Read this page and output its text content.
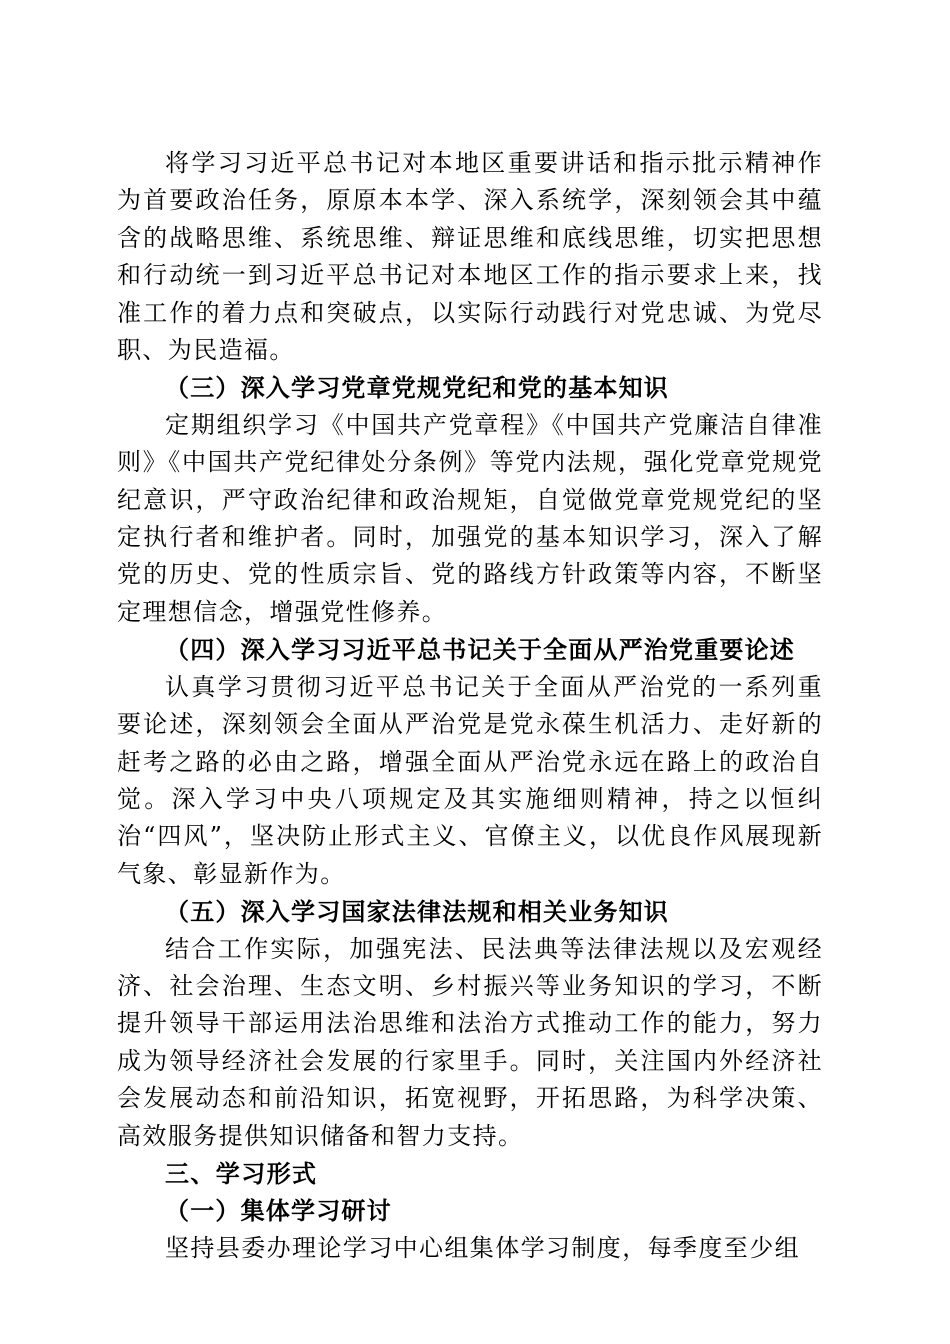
将学习习近平总书记对本地区重要讲话和指示批示精神作为首要政治任务，原原本本学、深入系统学，深刻领会其中蕴含的战略思维、系统思维、辩证思维和底线思维，切实把思想和行动统一到习近平总书记对本地区工作的指示要求上来，找准工作的着力点和突破点，以实际行动践行对党忠诚、为党尽职、为民造福。

（三）深入学习党章党规党纪和党的基本知识

定期组织学习《中国共产党章程》《中国共产党廉洁自律准则》《中国共产党纪律处分条例》等党内法规，强化党章党规党纪意识，严守政治纪律和政治规矩，自觉做党章党规党纪的坚定执行者和维护者。同时，加强党的基本知识学习，深入了解党的历史、党的性质宗旨、党的路线方针政策等内容，不断坚定理想信念，增强党性修养。

（四）深入学习习近平总书记关于全面从严治党重要论述

认真学习贯彻习近平总书记关于全面从严治党的一系列重要论述，深刻领会全面从严治党是党永葆生机活力、走好新的赶考之路的必由之路，增强全面从严治党永远在路上的政治自觉。深入学习中央八项规定及其实施细则精神，持之以恒纠治“四风”，坚决防止形式主义、官僚主义，以优良作风展现新气象、彰显新作为。

（五）深入学习国家法律法规和相关业务知识

结合工作实际，加强宪法、民法典等法律法规以及宏观经济、社会治理、生态文明、乡村振兴等业务知识的学习，不断提升领导干部运用法治思维和法治方式推动工作的能力，努力成为领导经济社会发展的行家里手。同时，关注国内外经济社会发展动态和前沿知识，拓宽视野，开拓思路，为科学决策、高效服务提供知识储备和智力支持。

三、学习形式
（一）集体学习研讨

坚持县委办理论学习中心组集体学习制度，每季度至少组
